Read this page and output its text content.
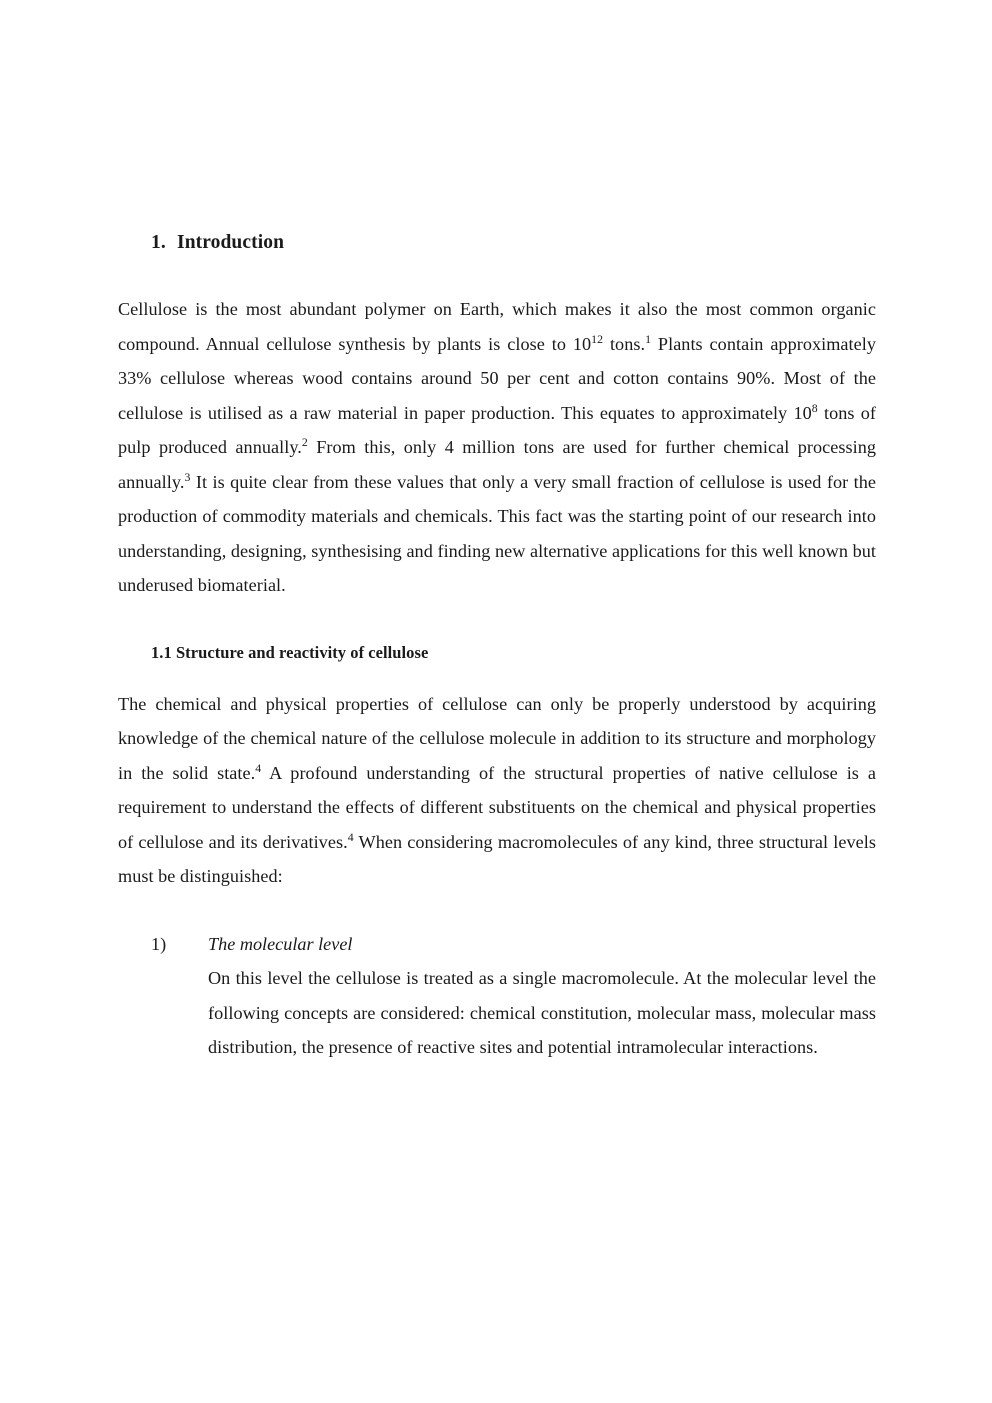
1. Introduction

Cellulose is the most abundant polymer on Earth, which makes it also the most common organic compound. Annual cellulose synthesis by plants is close to $10^{12}$ tons.$^1$ Plants contain approximately 33% cellulose whereas wood contains around 50 per cent and cotton contains 90%. Most of the cellulose is utilised as a raw material in paper production. This equates to approximately $10^8$ tons of pulp produced annually.$^2$ From this, only 4 million tons are used for further chemical processing annually.$^3$ It is quite clear from these values that only a very small fraction of cellulose is used for the production of commodity materials and chemicals. This fact was the starting point of our research into understanding, designing, synthesising and finding new alternative applications for this well known but underused biomaterial.

1.1 Structure and reactivity of cellulose

The chemical and physical properties of cellulose can only be properly understood by acquiring knowledge of the chemical nature of the cellulose molecule in addition to its structure and morphology in the solid state.$^4$ A profound understanding of the structural properties of native cellulose is a requirement to understand the effects of different substituents on the chemical and physical properties of cellulose and its derivatives.$^4$ When considering macromolecules of any kind, three structural levels must be distinguished:

1) The molecular level

On this level the cellulose is treated as a single macromolecule. At the molecular level the following concepts are considered: chemical constitution, molecular mass, molecular mass distribution, the presence of reactive sites and potential intramolecular interactions.
